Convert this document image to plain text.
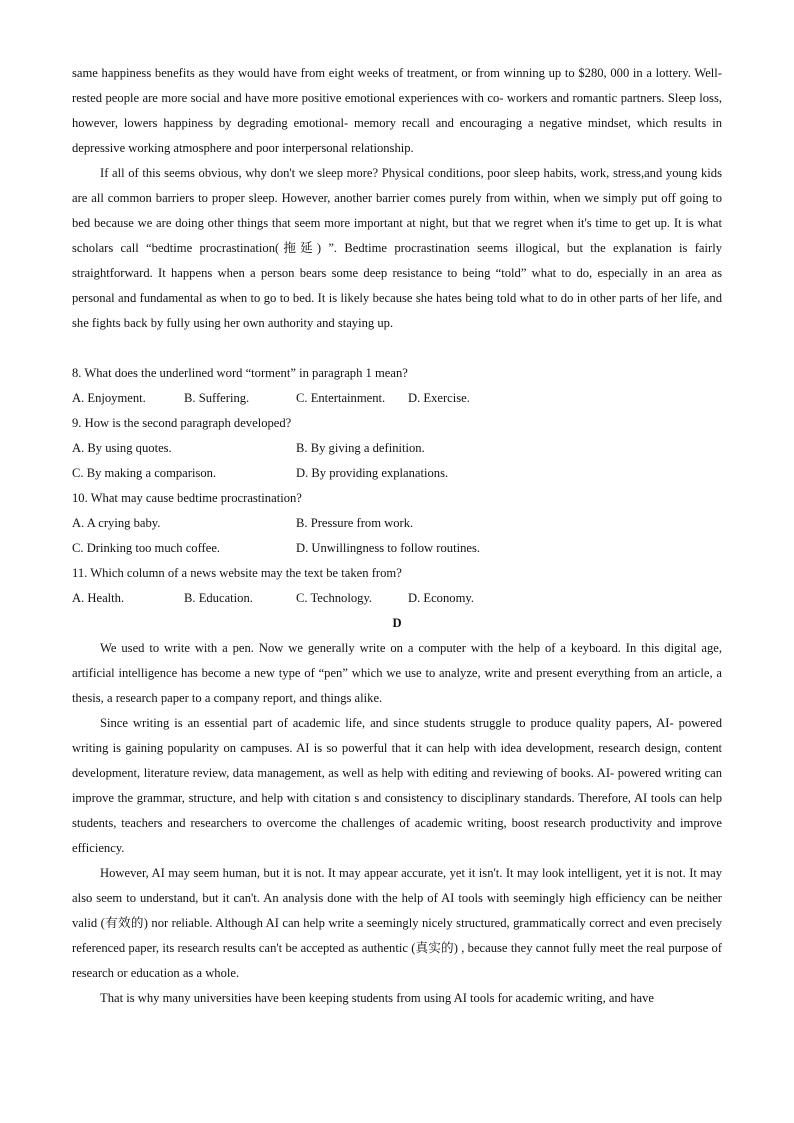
same happiness benefits as they would have from eight weeks of treatment, or from winning up to $280, 000 in a lottery. Well- rested people are more social and have more positive emotional experiences with co- workers and romantic partners. Sleep loss, however, lowers happiness by degrading emotional- memory recall and encouraging a negative mindset, which results in depressive working atmosphere and poor interpersonal relationship.

If all of this seems obvious, why don't we sleep more? Physical conditions, poor sleep habits, work, stress,and young kids are all common barriers to proper sleep. However, another barrier comes purely from within, when we simply put off going to bed because we are doing other things that seem more important at night, but that we regret when it's time to get up. It is what scholars call “bedtime procrastination(拖延) ”. Bedtime procrastination seems illogical, but the explanation is fairly straightforward. It happens when a person bears some deep resistance to being “told” what to do, especially in an area as personal and fundamental as when to go to bed. It is likely because she hates being told what to do in other parts of her life, and she fights back by fully using her own authority and staying up.

8. What does the underlined word “torment” in paragraph 1 mean?
A. Enjoyment.	B. Suffering.	C. Entertainment. D. Exercise.
9. How is the second paragraph developed?
A. By using quotes.	B. By giving a definition.
C. By making a comparison.	D. By providing explanations.
10. What may cause bedtime procrastination?
A. A crying baby.	B. Pressure from work.
C. Drinking too much coffee.	D. Unwillingness to follow routines.
11. Which column of a news website may the text be taken from?
A. Health.	B. Education.	C. Technology.	D. Economy.
D

We used to write with a pen. Now we generally write on a computer with the help of a keyboard. In this digital age, artificial intelligence has become a new type of “pen” which we use to analyze, write and present everything from an article, a thesis, a research paper to a company report, and things alike.

Since writing is an essential part of academic life, and since students struggle to produce quality papers, AI- powered writing is gaining popularity on campuses. AI is so powerful that it can help with idea development, research design, content development, literature review, data management, as well as help with editing and reviewing of books. AI- powered writing can improve the grammar, structure, and help with citation s and consistency to disciplinary standards. Therefore, AI tools can help students, teachers and researchers to overcome the challenges of academic writing, boost research productivity and improve efficiency.

However, AI may seem human, but it is not. It may appear accurate, yet it isn't. It may look intelligent, yet it is not. It may also seem to understand, but it can't. An analysis done with the help of AI tools with seemingly high efficiency can be neither valid (有效的) nor reliable. Although AI can help write a seemingly nicely structured, grammatically correct and even precisely referenced paper, its research results can't be accepted as authentic (真实的) , because they cannot fully meet the real purpose of research or education as a whole.

That is why many universities have been keeping students from using AI tools for academic writing, and have
